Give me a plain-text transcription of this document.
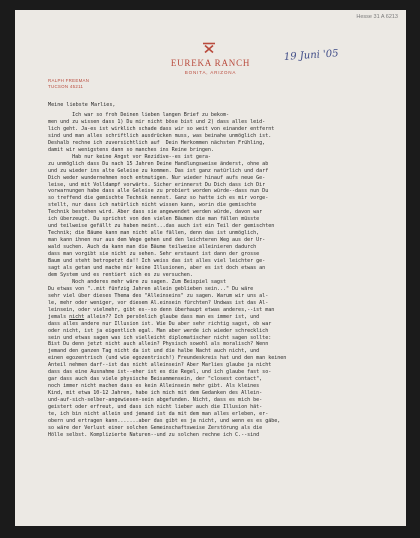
Hesse 31 A 6213
EUREKA RANCH
BONITA, ARIZONA
RALPH FREEMAN
TUCSON 45211
19 Juni '05
Meine liebste Marlies,
Ich war so froh Deinen lieben langen Brief zu bekom-
men und zu wissen dass 1) Du mir nicht böse bist und 2) dass alles leid-
lich geht. Ja-es ist wirklich schade dass wir so weit von einander entfernt
sind und man alles schriftlich ausdrücken muss, was beinahe unmöglich ist.
Deshalb rechne ich zuversichtlich auf  Dein Herkommen nächsten Frühling,
damit wir wenigstens dann so manches ins Reine bringen.
Hab nur keine Angst vor Rezidive--es ist gera-
zu unmöglich dass Du nach 15 Jahren Deine Handlungsweise änderst, ohne ab
und zu wieder ins alte Geleise zu kommen. Das ist ganz natürlich und darf
Dich weder wundernehmen noch entmutigen. Nur wieder hinauf aufs neue Ge-
leise, und mit Volldampf vorwärts. Sicher erinnerst Du Dich dass ich Dir
vorwarnungen habe dass alle Geleise zu probiert worden würde--dass nun Du
so treffend die gemischte Technik nennst. Ganz so hatte ich es mir vorge-
stellt, nur dass ich natürlich nicht wissen kann, worin die gemischte
Technik bestehen wird. Aber dass sie angewendet werden würde, davon war
ich überzeugt. Du sprichst von den vielen Bäumen die man fällen müsste
und teilweise gefällt zu haben meint...das auch ist ein Teil der gemischten
Technik; die Bäume kann man nicht alle fällen, denn das ist unmöglich,
man kann ihnen nur aus dem Wege gehen und den leichteren Weg aus der Ur-
wald suchen. Auch da kann man die Bäume teilweise alleinieren dadurch
dass man vorgibt sie nicht zu sehen. Sehr erstaunt ist dann der grosse
Baum und steht betropetzt da!! Ich weiss das ist alles viel leichter ge-
sagt als getan und mache mir keine Illusionen, aber es ist doch etwas an
dem System und es rentiert sich es zu versuchen.
Noch anderes mehr wäre zu sagen. Zum Beispiel sagst
Du etwas von "..mit fünfzig Jahren allein geblieben sein..." Du wäre
sehr viel über dieses Thema des "Alleinseins" zu sagen. Warum wir uns al-
le, mehr oder weniger, vor diesem Al.einsein fürchten? Undwas ist das Al-
leinsein, oder vielmehr, gibt es--so denn überhaupt etwas anderes,--ist man
jemals nicht allein?? Ich persönlich glaube dass man es immer ist, und
dass alles andere nur Illusion ist. Wie Du aber sehr richtig sagst, ob war
oder nicht, ist ja eigentlich egal. Man aber werde ich wieder schrecklich
sein und etwas sagen was ich vielleicht diplomatischer nicht sagen sollte:
Bist Du denn jetzt nicht auch allein? Physisch sowohl als moralisch? Wenn
jemand den ganzen Tag nicht da ist und die halbe Nacht auch nicht, und
einen egozentrisch (und wie egozentrisch!) Freundeskreis hat und den man keinen
Anteil nehmen darf--ist das nicht alleinsein? Aber Marlies glaube ja nicht
dass das eine Ausnahme ist--eher ist es die Regel, und ich glaube fast so-
gar dass auch das viele physische Beisammensein, der "closest contact",
noch immer nicht machen dass es kein Alleinsein mehr gibt. Als kleines
Kind, mit etwa 10-12 Jahren, habe ich mich mit dem Gedanken des Allein-
und-auf-sich-selber-angewiesen-sein abgefunden. Nicht, dass es mich be-
geistert oder erfreut, und dass ich nicht lieber auch die Illusion hät-
te, ich bin nicht allein und jemand ist da mit dem man alles erleben, er-
obern und ertragen kann.......aber das gibt es ja nicht, und wenn es es gäbe,
so wäre der Verlust einer solchen Gemeinschaftsweise Zerstörung als die
Hölle selbst. Komplizierte Naturen--und zu solchen rechne ich C.--sind
